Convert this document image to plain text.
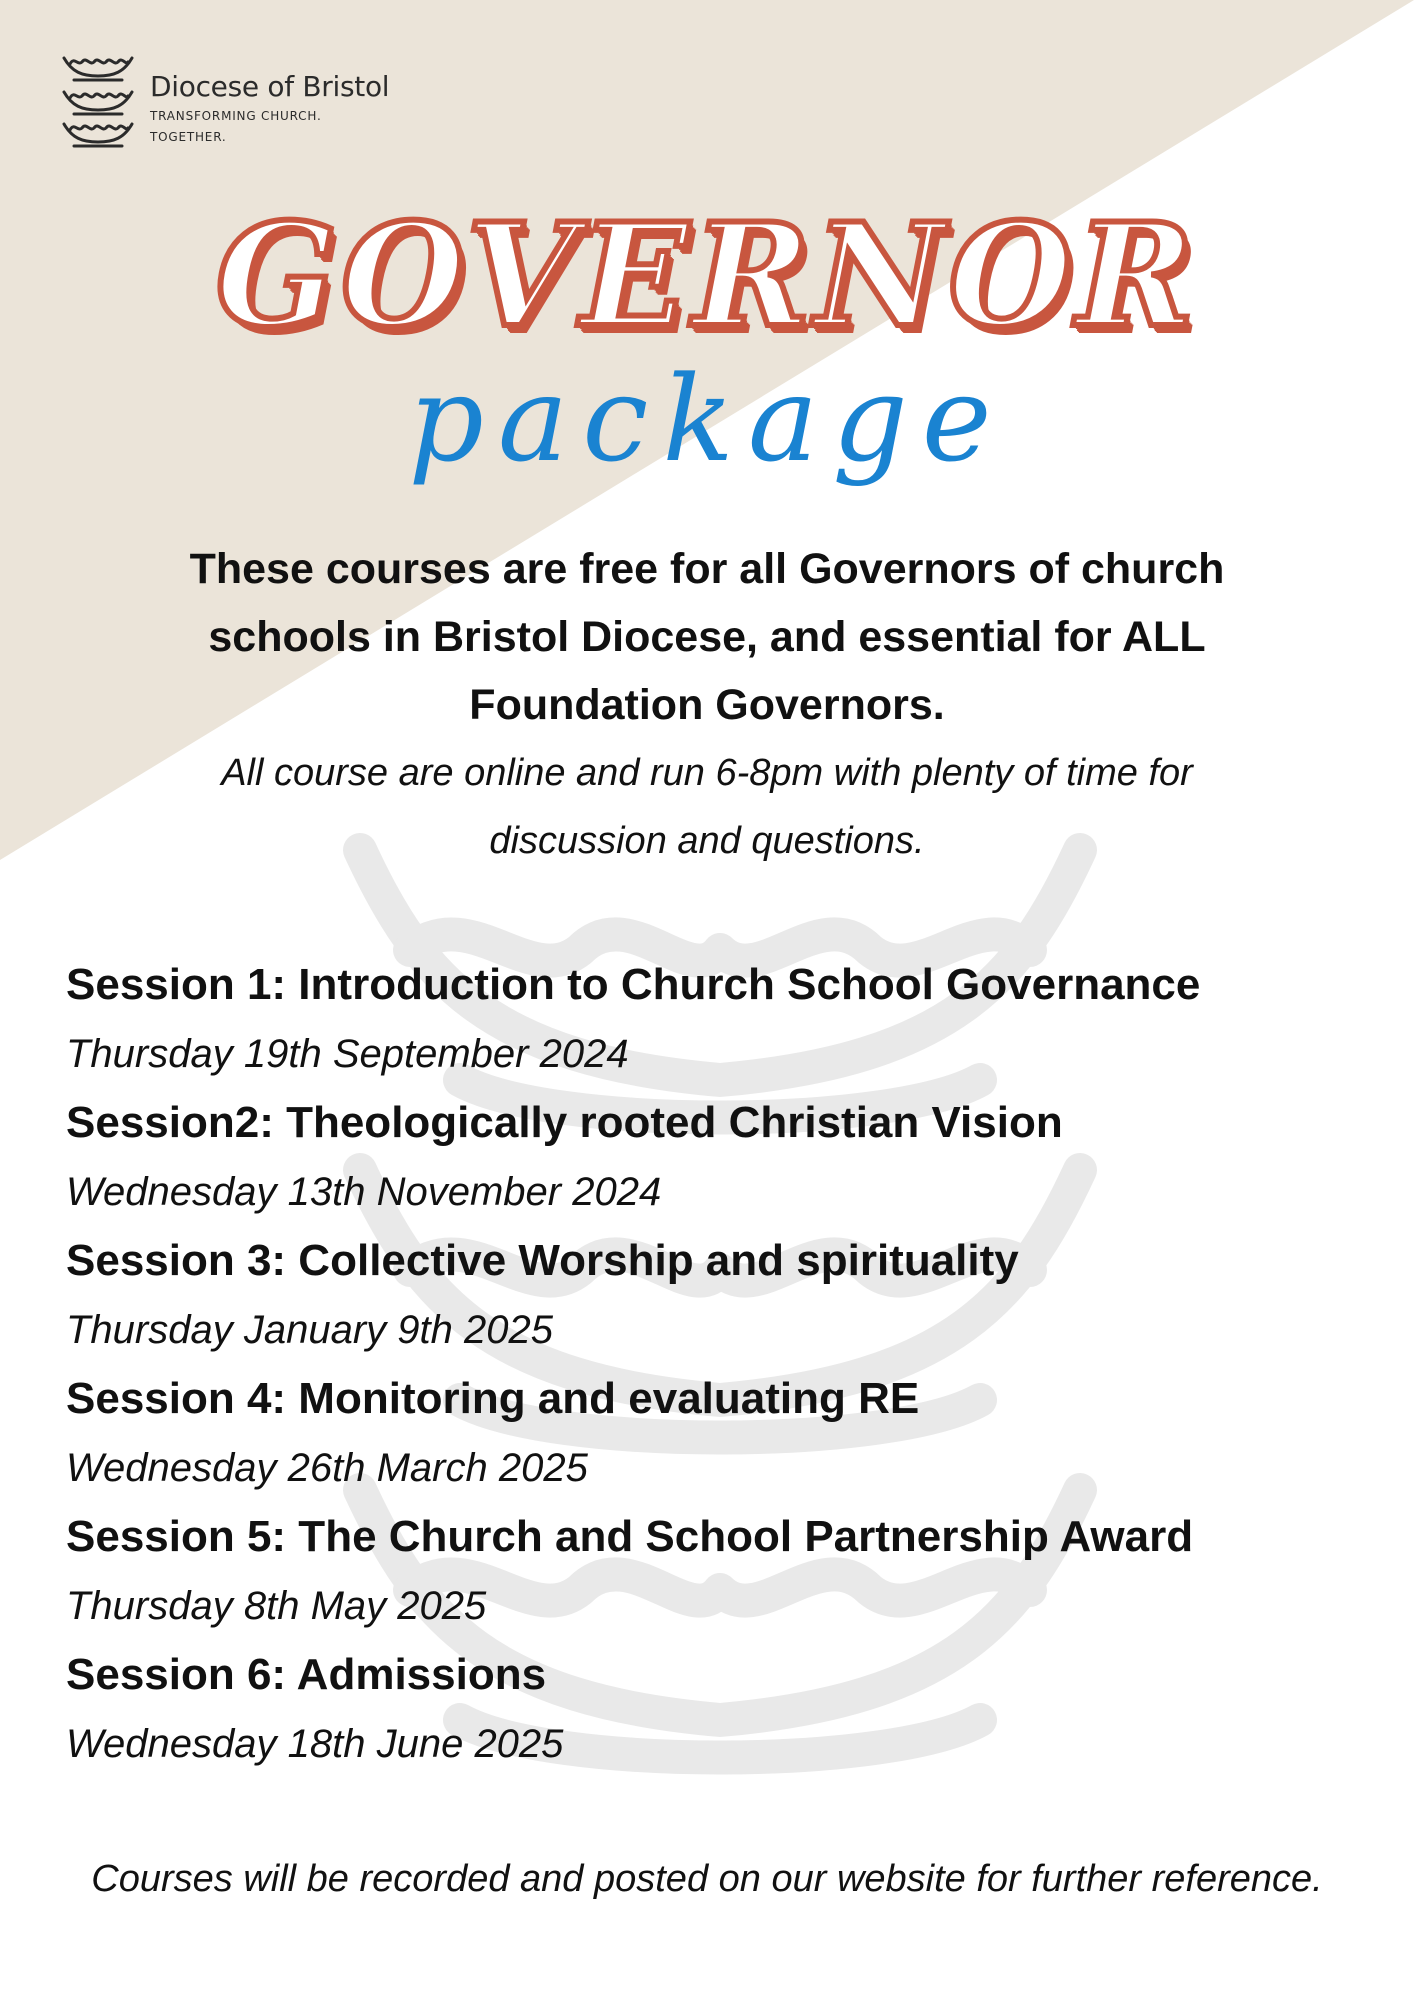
Diocese of Bristol
TRANSFORMING CHURCH.
TOGETHER.
GOVERNOR
package

These courses are free for all Governors of church

schools in Bristol Diocese, and essential for ALL

Foundation Governors.

All course are online and run 6-8pm with plenty of time for

discussion and questions.

Session 1: Introduction to Church School Governance
Thursday 19th September 2024
Session2: Theologically rooted Christian Vision
Wednesday 13th November 2024
Session 3: Collective Worship and spirituality
Thursday January 9th 2025
Session 4: Monitoring and evaluating RE
Wednesday 26th March 2025
Session 5: The Church and School Partnership Award
Thursday 8th May 2025
Session 6: Admissions
Wednesday 18th June 2025
Courses will be recorded and posted on our website for further reference.
